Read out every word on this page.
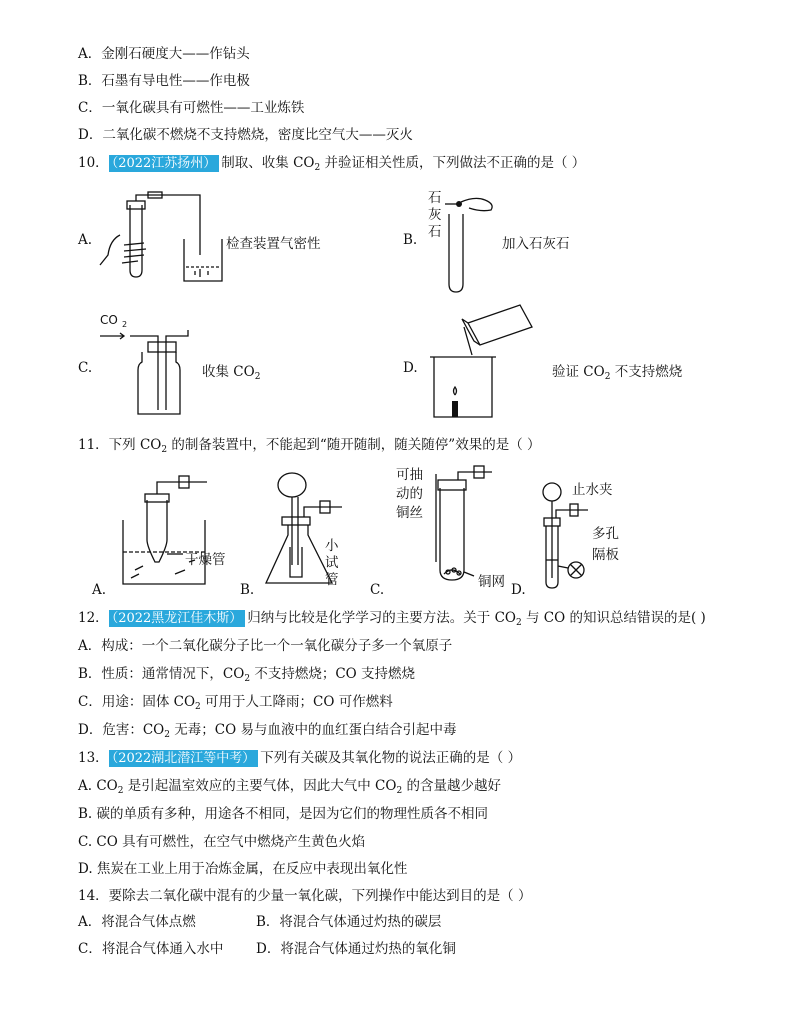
A．金刚石硬度大——作钻头
B．石墨有导电性——作电极
C．一氧化碳具有可燃性——工业炼铁
D．二氧化碳不燃烧不支持燃烧，密度比空气大——灭火
10． （2022江苏扬州） 制取、收集 $CO_2$ 并验证相关性质，下列做法不正确的是（ ）
A.	检查装置气密性	B.
石
灰
石
加入石灰石
C.
CO 2
收集 $CO_2$
D.	验证 $CO_2$ 不支持燃烧
11．下列 $CO_2$ 的制备装置中，不能起到“随开随制，随关随停”效果的是（ ）
干燥管
A.
小
试
管
B.
可抽
动的
铜丝
铜网
C.
止水夹
多孔
隔板
D.
12． （2022黑龙江佳木斯） 归纳与比较是化学学习的主要方法。关于 $CO_2$ 与 CO 的知识总结错误的是( )
A．构成：一个二氧化碳分子比一个一氧化碳分子多一个氧原子
B．性质：通常情况下，$CO_2$ 不支持燃烧；CO 支持燃烧
C．用途：固体 $CO_2$ 可用于人工降雨；CO 可作燃料
D．危害：$CO_2$ 无毒；CO 易与血液中的血红蛋白结合引起中毒
13． （2022湖北潜江等中考） 下列有关碳及其氧化物的说法正确的是（ ）
A. $CO_2$ 是引起温室效应的主要气体，因此大气中 $CO_2$ 的含量越少越好
B. 碳的单质有多种，用途各不相同，是因为它们的物理性质各不相同
C. CO 具有可燃性，在空气中燃烧产生黄色火焰
D. 焦炭在工业上用于冶炼金属，在反应中表现出氧化性
14．要除去二氧化碳中混有的少量一氧化碳，下列操作中能达到目的是（ ）
A．将混合气体点燃	B．将混合气体通过灼热的碳层
C．将混合气体通入水中 D．将混合气体通过灼热的氧化铜
